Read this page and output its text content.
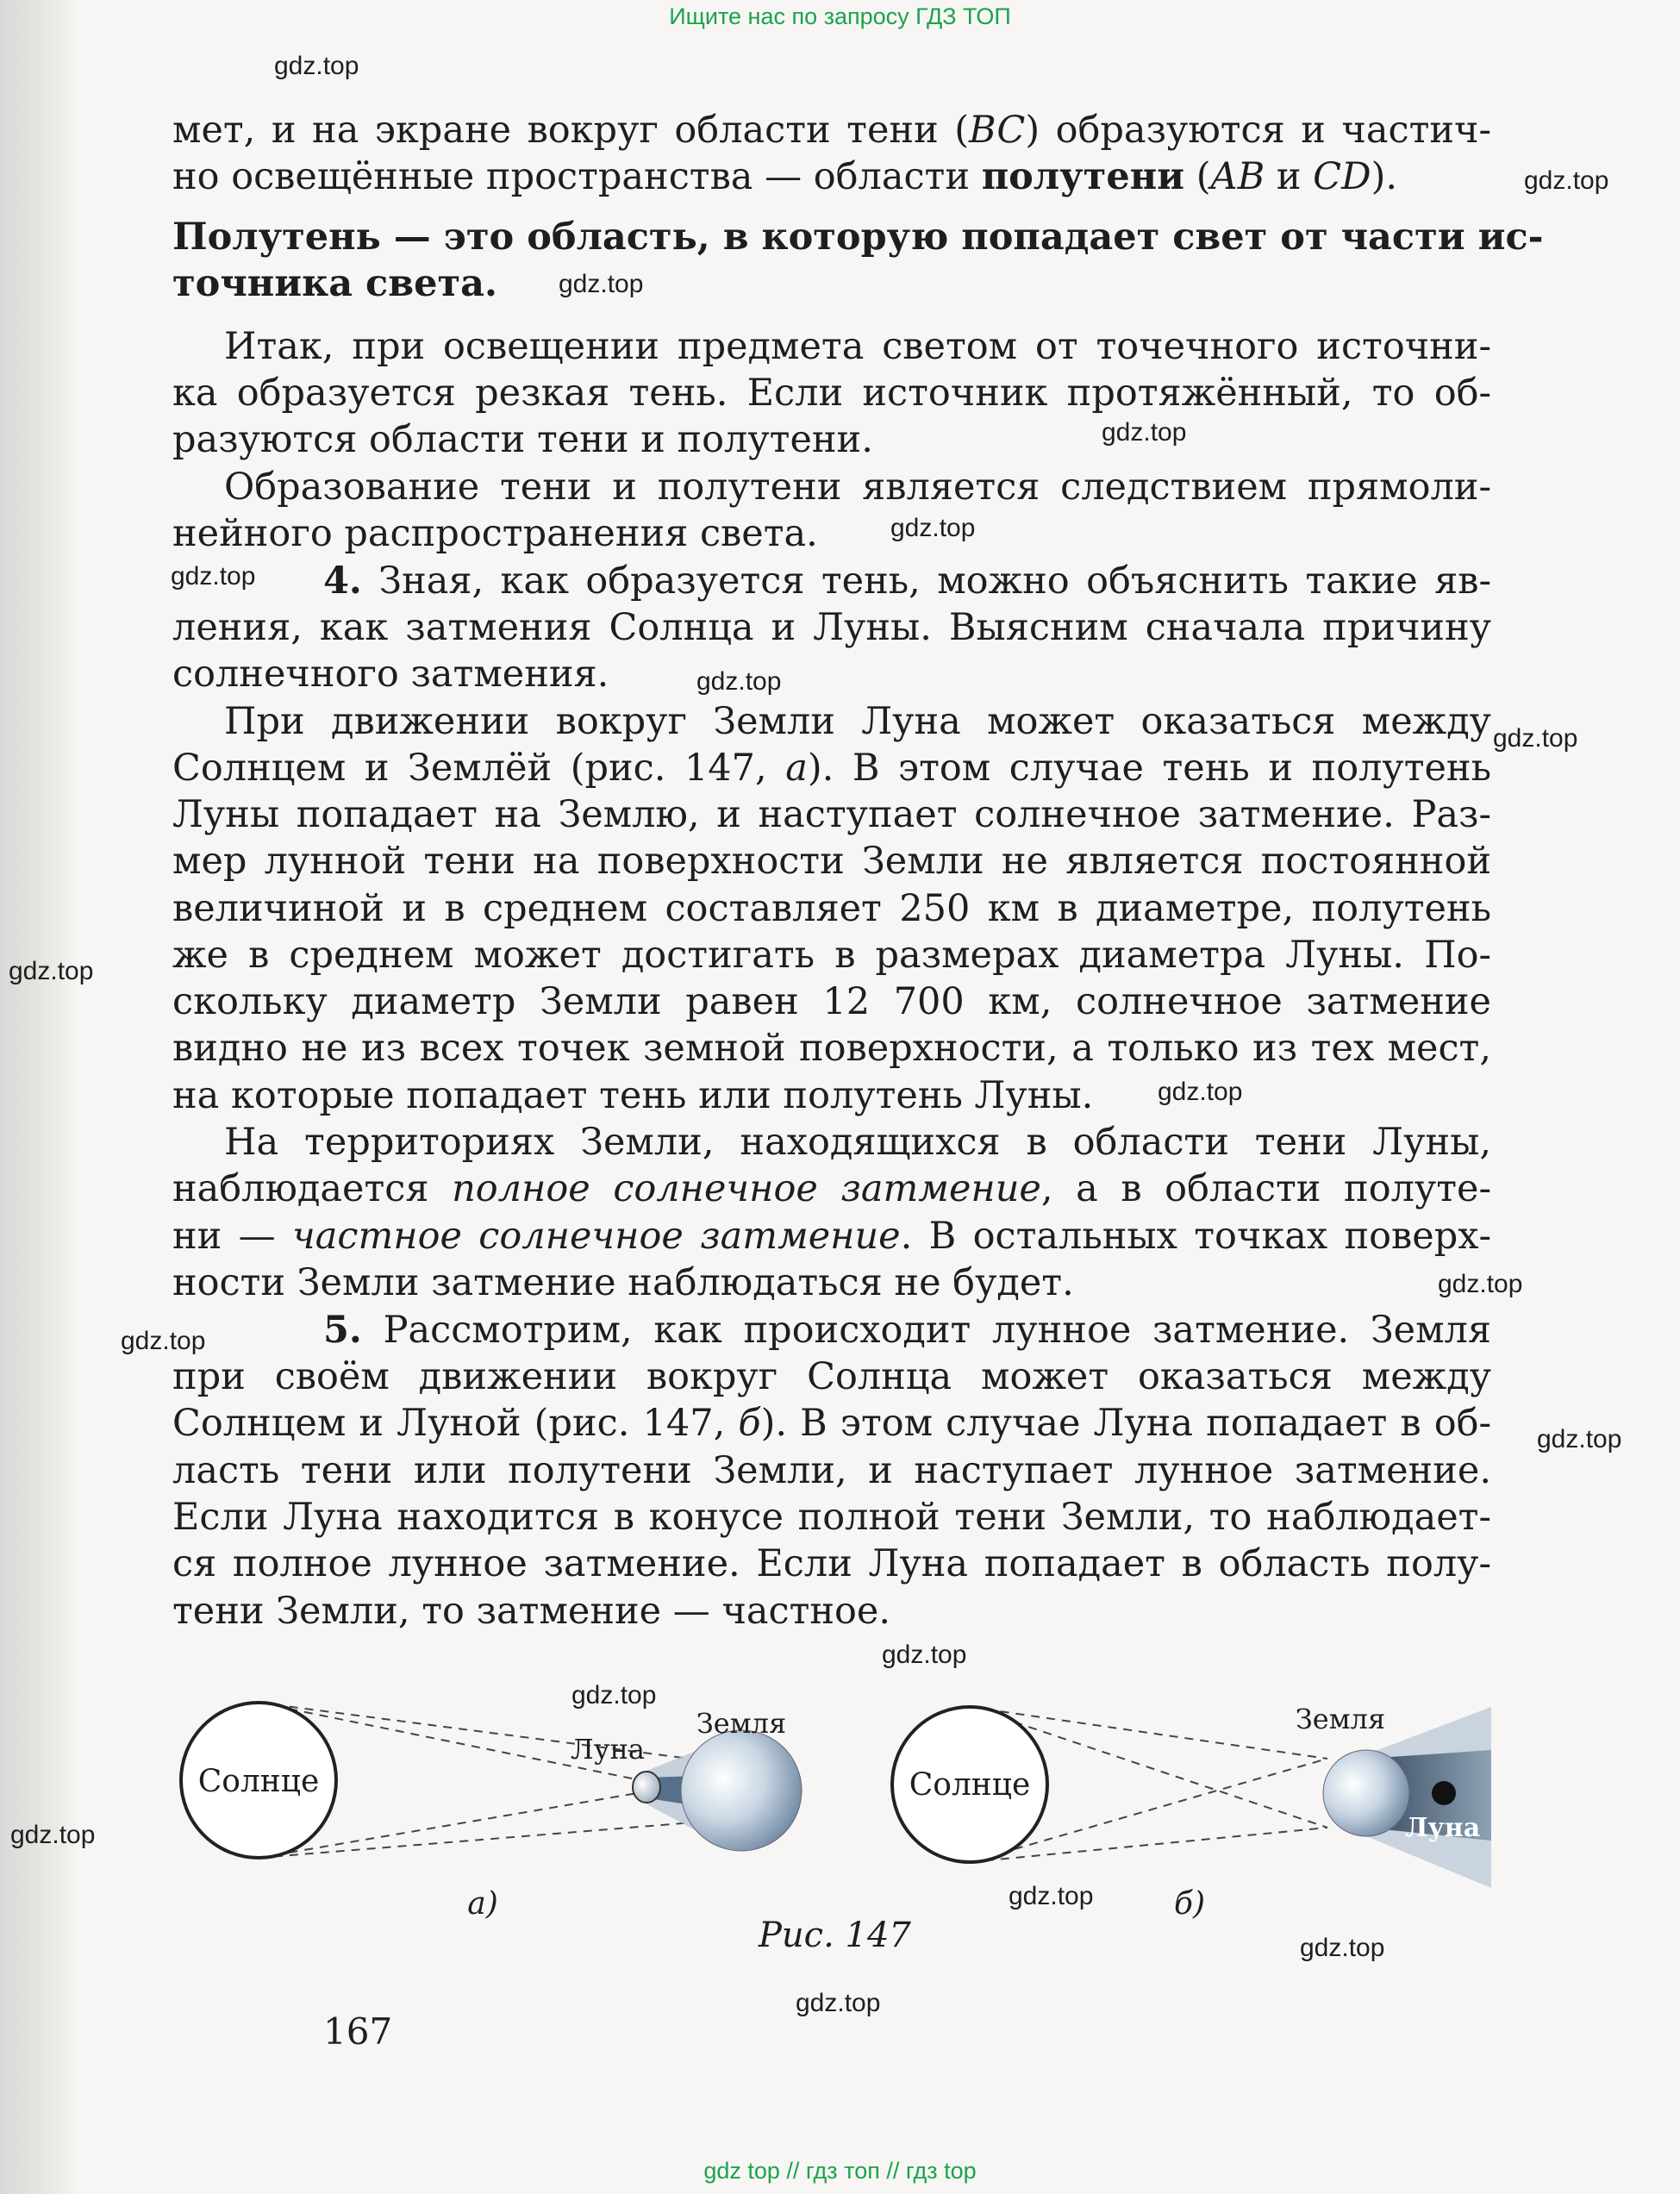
Ищите нас по запросу ГДЗ ТОП
gdz.top
gdz.top
gdz.top
gdz.top
gdz.top
gdz.top
gdz.top
gdz.top
gdz.top
gdz.top
gdz.top
gdz.top
gdz.top
gdz.top
gdz.top
gdz.top
gdz.top
gdz.top
gdz.top
мет, и на экране вокруг области тени (BC) образуются и частич-
но освещённые пространства — области полутени (AB и CD).
Полутень — это область, в которую попадает свет от части ис-
точника света.
Итак, при освещении предмета светом от точечного источни-
ка образуется резкая тень. Если источник протяжённый, то об-
разуются области тени и полутени.
Образование тени и полутени является следствием прямоли-
нейного распространения света.
4. Зная, как образуется тень, можно объяснить такие яв-
ления, как затмения Солнца и Луны. Выясним сначала причину
солнечного затмения.
При движении вокруг Земли Луна может оказаться между
Солнцем и Землёй (рис. 147, а). В этом случае тень и полутень
Луны попадает на Землю, и наступает солнечное затмение. Раз-
мер лунной тени на поверхности Земли не является постоянной
величиной и в среднем составляет 250 км в диаметре, полутень
же в среднем может достигать в размерах диаметра Луны. По-
скольку диаметр Земли равен 12 700 км, солнечное затмение
видно не из всех точек земной поверхности, а только из тех мест,
на которые попадает тень или полутень Луны.
На территориях Земли, находящихся в области тени Луны,
наблюдается полное солнечное затмение, а в области полуте-
ни — частное солнечное затмение. В остальных точках поверх-
ности Земли затмение наблюдаться не будет.
5. Рассмотрим, как происходит лунное затмение. Земля
при своём движении вокруг Солнца может оказаться между
Солнцем и Луной (рис. 147, б). В этом случае Луна попадает в об-
ласть тени или полутени Земли, и наступает лунное затмение.
Если Луна находится в конусе полной тени Земли, то наблюдает-
ся полное лунное затмение. Если Луна попадает в область полу-
тени Земли, то затмение — частное.
Солнце
Луна
Земля
а)
Солнце
Земля
Луна
б)
Рис. 147
167
gdz top // гдз топ // гдз top
